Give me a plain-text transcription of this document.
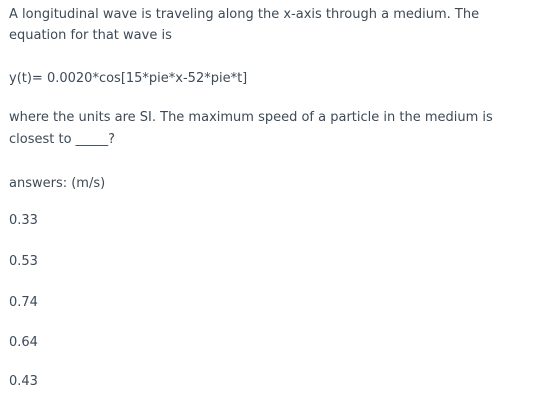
A longitudinal wave is traveling along the x-axis through a medium. The
equation for that wave is
y(t)= 0.0020*cos[15*pie*x-52*pie*t]
where the units are SI. The maximum speed of a particle in the medium is
closest to _____?
answers: (m/s)
0.33
0.53
0.74
0.64
0.43
